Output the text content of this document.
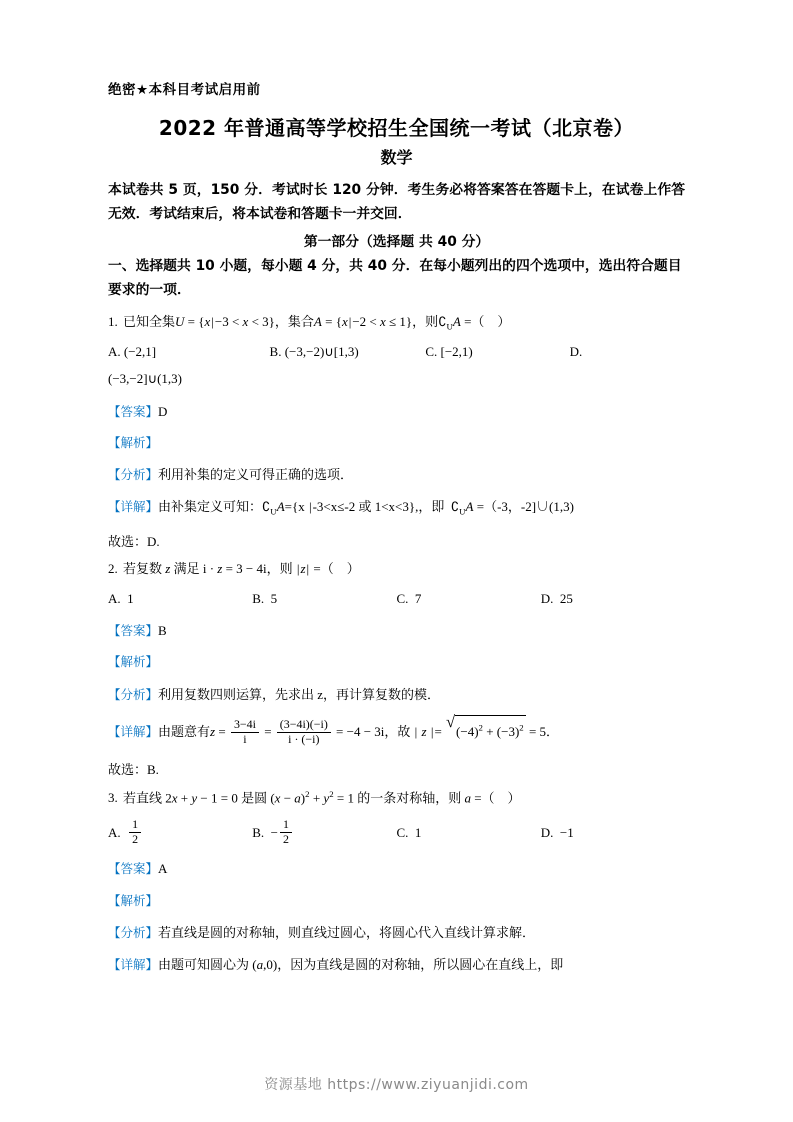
绝密★本科目考试启用前
2022 年普通高等学校招生全国统一考试（北京卷）
数学
本试卷共 5 页，150 分．考试时长 120 分钟．考生务必将答案答在答题卡上，在试卷上作答无效．考试结束后，将本试卷和答题卡一并交回．
第一部分（选择题 共 40 分）
一、选择题共 10 小题，每小题 4 分，共 40 分．在每小题列出的四个选项中，选出符合题目要求的一项．
1. 已知全集U = {x|−3 < x < 3}，集合A = {x|−2 < x ≤ 1}，则$∁_UA$ =（    ）
A. (−2,1]	B. (−3,−2)∪[1,3)	C. [−2,1)	D.
(−3,−2]∪(1,3)
【答案】D
【解析】
【分析】利用补集的定义可得正确的选项．
【详解】由补集定义可知：$∁_UA=\{x$ |-3<x≤-2 或 1<x<3},，即  $∁_UA =(-3$，-2]∪(1,3)
故选：D.
2. 若复数 z 满足 i · z = 3 − 4i，则 |z| =（    ）
A. 1	B. 5	C. 7	D. 25
【答案】B
【解析】
【分析】利用复数四则运算，先求出 z，再计算复数的模．
【详解】由题意有$z = \frac{3-4i}{i} = \frac{(3-4i)(-i)}{i \cdot (-i)} = -4 - 3i$，故 | z |= √ $(-4)^2 + (-3)^2 = 5$．
故选：B.
3. 若直线 2x + y − 1 = 0 是圆 $(x - a)^2 + y^2 = 1$ 的一条对称轴，则 a =（    ）
A. $\frac{1}{2}$	B.  − $\frac{1}{2}$	C. 1	D. −1
【答案】A
【解析】
【分析】若直线是圆的对称轴，则直线过圆心，将圆心代入直线计算求解．
【详解】由题可知圆心为 (a,0)，因为直线是圆的对称轴，所以圆心在直线上，即
资源基地 https://www.ziyuanjidi.com
